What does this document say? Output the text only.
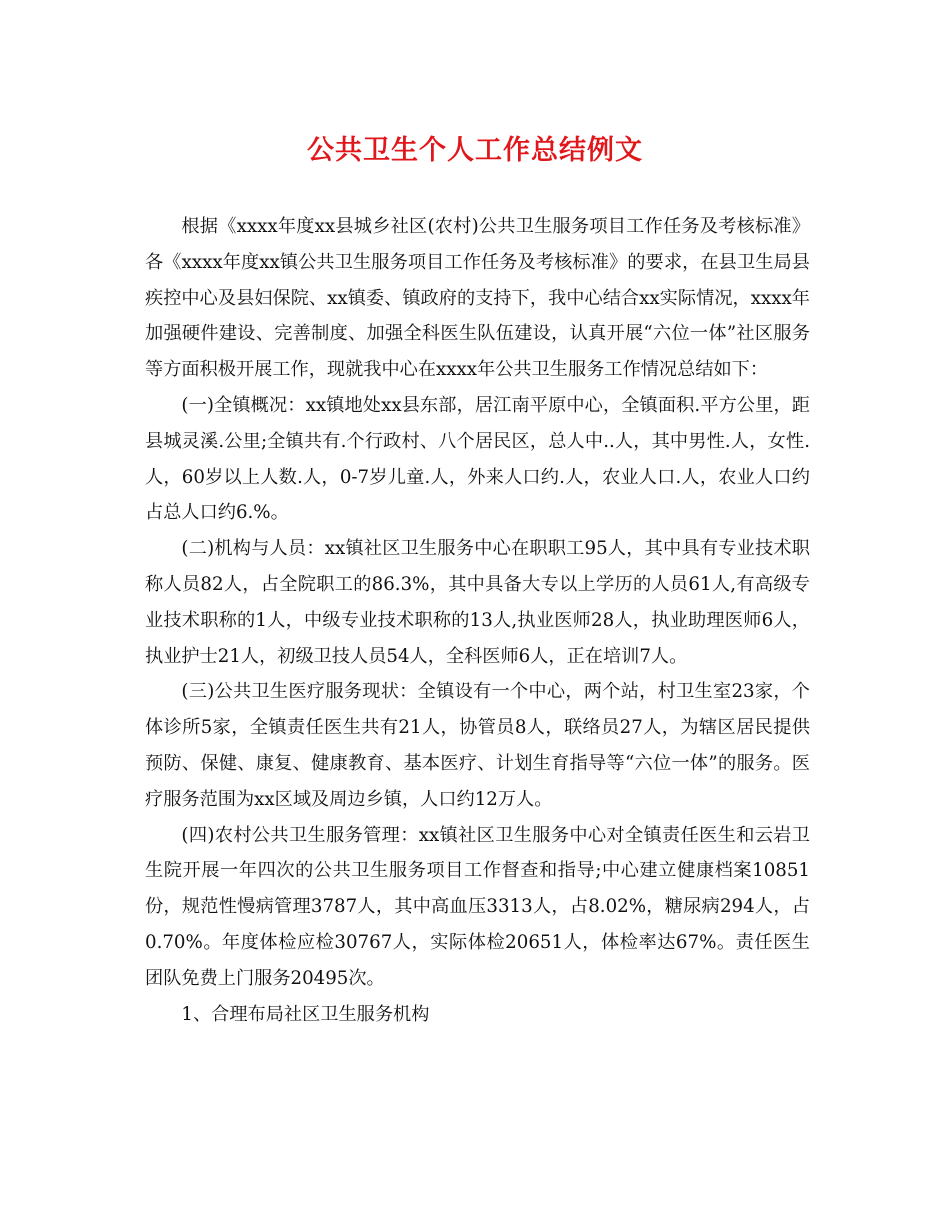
公共卫生个人工作总结例文

根据《xxxx年度xx县城乡社区(农村)公共卫生服务项目工作任务及考核标准》各《xxxx年度xx镇公共卫生服务项目工作任务及考核标准》的要求，在县卫生局县疾控中心及县妇保院、xx镇委、镇政府的支持下，我中心结合xx实际情况，xxxx年加强硬件建设、完善制度、加强全科医生队伍建设，认真开展“六位一体”社区服务等方面积极开展工作，现就我中心在xxxx年公共卫生服务工作情况总结如下：

(一)全镇概况：xx镇地处xx县东部，居江南平原中心，全镇面积.平方公里，距县城灵溪.公里;全镇共有.个行政村、八个居民区，总人中..人，其中男性.人，女性.人，60岁以上人数.人，0-7岁儿童.人，外来人口约.人，农业人口.人，农业人口约占总人口约6.%。

(二)机构与人员：xx镇社区卫生服务中心在职职工95人，其中具有专业技术职称人员82人，占全院职工的86.3%，其中具备大专以上学历的人员61人,有高级专业技术职称的1人，中级专业技术职称的13人,执业医师28人，执业助理医师6人，执业护士21人，初级卫技人员54人，全科医师6人，正在培训7人。

(三)公共卫生医疗服务现状：全镇设有一个中心，两个站，村卫生室23家，个体诊所5家，全镇责任医生共有21人，协管员8人，联络员27人，为辖区居民提供预防、保健、康复、健康教育、基本医疗、计划生育指导等“六位一体”的服务。医疗服务范围为xx区域及周边乡镇，人口约12万人。

(四)农村公共卫生服务管理：xx镇社区卫生服务中心对全镇责任医生和云岩卫生院开展一年四次的公共卫生服务项目工作督查和指导;中心建立健康档案10851份，规范性慢病管理3787人，其中高血压3313人，占8.02%，糖尿病294人，占0.70%。年度体检应检30767人，实际体检20651人，体检率达67%。责任医生团队免费上门服务20495次。

1、合理布局社区卫生服务机构
